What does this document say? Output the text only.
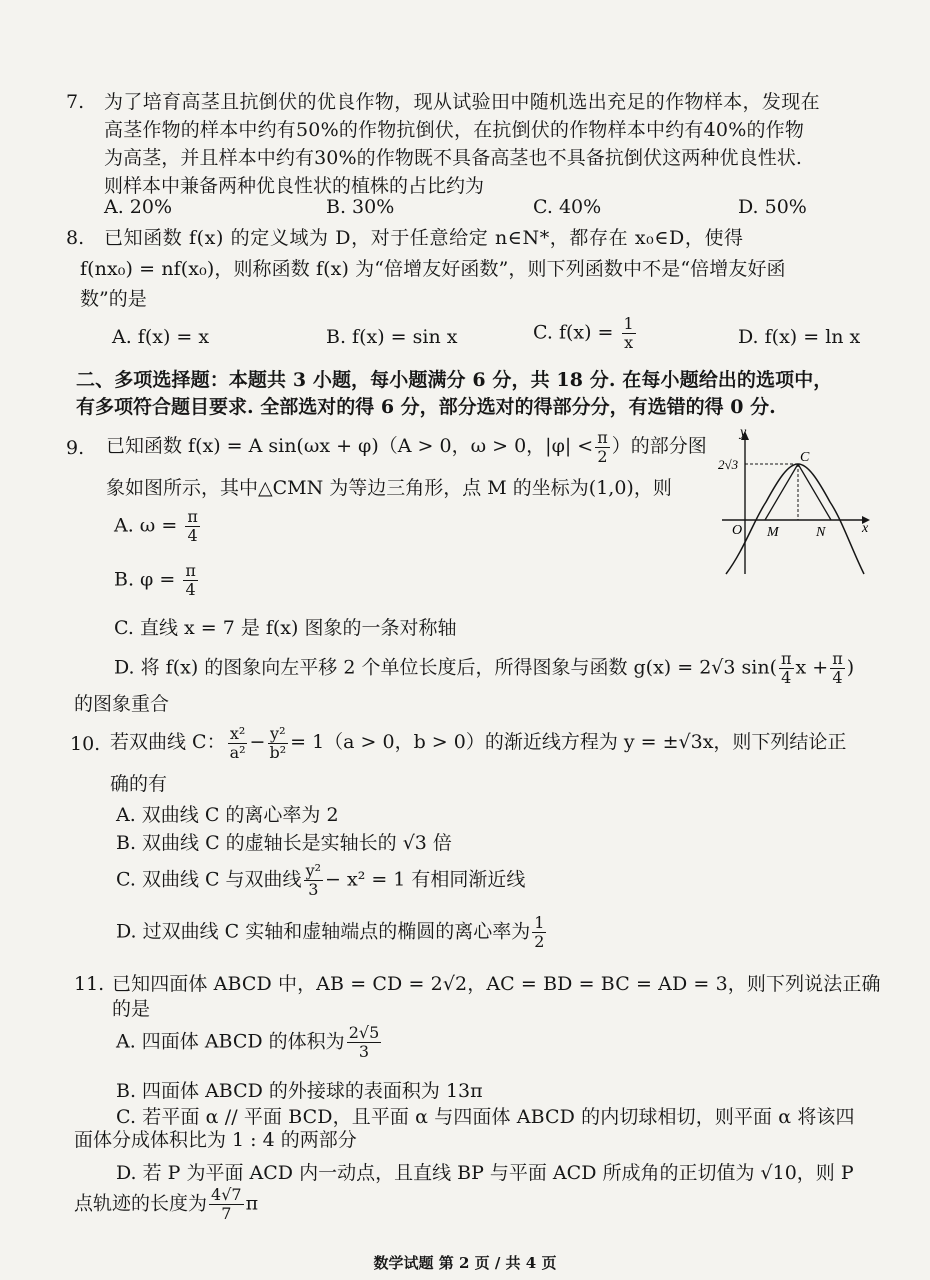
7. 为了培育高茎且抗倒伏的优良作物，现从试验田中随机选出充足的作物样本，发现在
高茎作物的样本中约有50%的作物抗倒伏，在抗倒伏的作物样本中约有40%的作物
为高茎，并且样本中约有30%的作物既不具备高茎也不具备抗倒伏这两种优良性状.
则样本中兼备两种优良性状的植株的占比约为
A. 20%	B. 30%	C. 40%	D. 50%
8. 已知函数 f(x) 的定义域为 D，对于任意给定 n∈N*，都存在 x₀∈D，使得
f(nx₀) = nf(x₀)，则称函数 f(x) 为“倍增友好函数”，则下列函数中不是“倍增友好函
数”的是
A. f(x) = x	B. f(x) = sin x	C. $f(x) = \frac{1}{x}$	D. f(x) = ln x
二、多项选择题：本题共 3 小题，每小题满分 6 分，共 18 分. 在每小题给出的选项中，
有多项符合题目要求. 全部选对的得 6 分，部分选对的得部分分，有选错的得 0 分.
9. 已知函数 f(x) = A sin(ωx + φ)（A > 0，ω > 0，$|\varphi| < \frac{\pi}{2}$ ）的部分图
象如图所示，其中△CMN 为等边三角形，点 M 的坐标为(1,0)，则
A. $\omega = \frac{\pi}{4}$
B. $\varphi = \frac{\pi}{4}$
C. 直线 x = 7 是 f(x) 图象的一条对称轴
D. 将 f(x) 的图象向左平移 2 个单位长度后，所得图象与函数 g(x) = 2√3 $\sin( \frac{\pi}{4}$ $x + \frac{\pi}{4}$ )
的图象重合
y
x
2√3	C
O M	N
10. 若双曲线 C： $\frac{\text{x²}}{\text{a²}} - \frac{\text{y²}}{\text{b²}} = 1(a > 0$，b > 0）的渐近线方程为 y = ±√3x，则下列结论正
确的有
A. 双曲线 C 的离心率为 2
B. 双曲线 C 的虚轴长是实轴长的 √3 倍
C. 双曲线 C 与双曲线 $\frac{\text{y²}}{3} - x^2 = 1$ 有相同渐近线
D. 过双曲线 C 实轴和虚轴端点的椭圆的离心率为 $\frac{1}{2}$
11. 已知四面体 ABCD 中，AB = CD = 2√2，AC = BD = BC = AD = 3，则下列说法正确
的是
A. 四面体 ABCD 的体积为 $\frac{2√5}{3}$
B. 四面体 ABCD 的外接球的表面积为 13π
C. 若平面 α // 平面 BCD，且平面 α 与四面体 ABCD 的内切球相切，则平面 α 将该四
面体分成体积比为 1 : 4 的两部分
D. 若 P 为平面 ACD 内一动点，且直线 BP 与平面 ACD 所成角的正切值为 √10，则 P
点轨迹的长度为 $\frac{4√7}{7}$ π
数学试题 第 2 页 / 共 4 页
